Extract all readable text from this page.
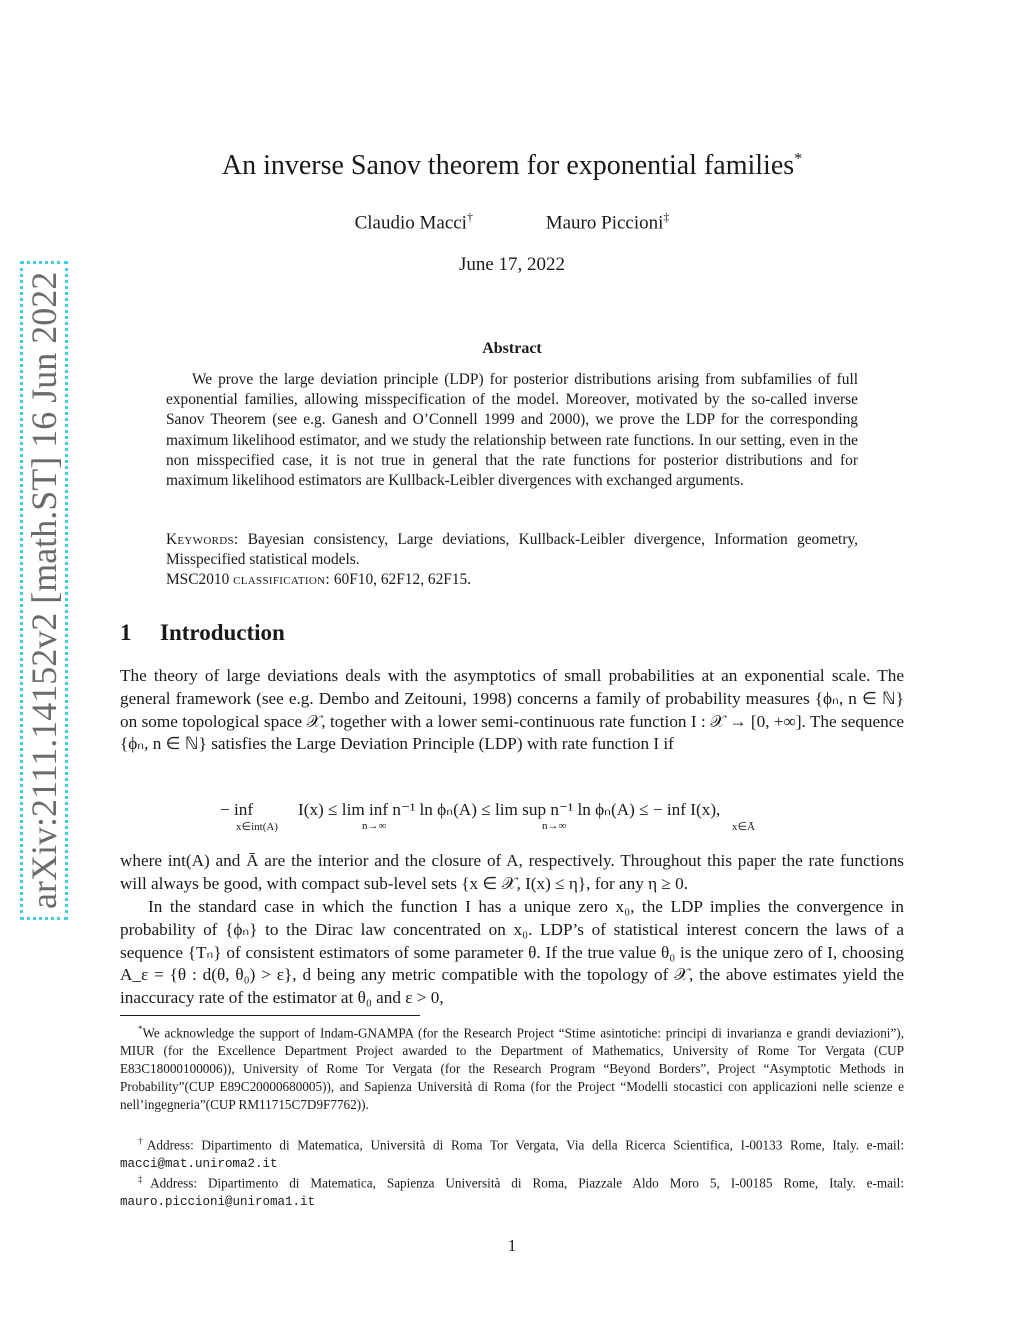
arXiv:2111.14152v2 [math.ST] 16 Jun 2022
An inverse Sanov theorem for exponential families*
Claudio Macci†	Mauro Piccioni‡
June 17, 2022
Abstract

We prove the large deviation principle (LDP) for posterior distributions arising from subfamilies of full exponential families, allowing misspecification of the model. Moreover, motivated by the so-called inverse Sanov Theorem (see e.g. Ganesh and O’Connell 1999 and 2000), we prove the LDP for the corresponding maximum likelihood estimator, and we study the relationship between rate functions. In our setting, even in the non misspecified case, it is not true in general that the rate functions for posterior distributions and for maximum likelihood estimators are Kullback-Leibler divergences with exchanged arguments.

Keywords: Bayesian consistency, Large deviations, Kullback-Leibler divergence, Information geometry, Misspecified statistical models.
MSC2010 classification: 60F10, 62F12, 62F15.

1 Introduction

The theory of large deviations deals with the asymptotics of small probabilities at an exponential scale. The general framework (see e.g. Dembo and Zeitouni, 1998) concerns a family of probability measures {ϕₙ, n ∈ ℕ} on some topological space 𝒳, together with a lower semi-continuous rate function I : 𝒳 → [0, +∞]. The sequence {ϕₙ, n ∈ ℕ} satisfies the Large Deviation Principle (LDP) with rate function I if

− inf
x∈int(A)
I(x) ≤ lim inf n⁻¹ ln ϕₙ(A) ≤ lim sup n⁻¹ ln ϕₙ(A) ≤ − inf I(x),
n→∞	n→∞	x∈Ā

where int(A) and Ā are the interior and the closure of A, respectively. Throughout this paper the rate functions will always be good, with compact sub-level sets {x ∈ 𝒳, I(x) ≤ η}, for any η ≥ 0.

In the standard case in which the function I has a unique zero x₀, the LDP implies the convergence in probability of {ϕₙ} to the Dirac law concentrated on x₀. LDP’s of statistical interest concern the laws of a sequence {Tₙ} of consistent estimators of some parameter θ. If the true value θ₀ is the unique zero of I, choosing A_ε = {θ : d(θ, θ₀) > ε}, d being any metric compatible with the topology of 𝒳, the above estimates yield the inaccuracy rate of the estimator at θ₀ and ε > 0,

*We acknowledge the support of Indam-GNAMPA (for the Research Project “Stime asintotiche: principi di invarianza e grandi deviazioni”), MIUR (for the Excellence Department Project awarded to the Department of Mathematics, University of Rome Tor Vergata (CUP E83C18000100006)), University of Rome Tor Vergata (for the Research Program “Beyond Borders”, Project “Asymptotic Methods in Probability”(CUP E89C20000680005)), and Sapienza Università di Roma (for the Project “Modelli stocastici con applicazioni nelle scienze e nell’ingegneria”(CUP RM11715C7D9F7762)).

†Address: Dipartimento di Matematica, Università di Roma Tor Vergata, Via della Ricerca Scientifica, I-00133 Rome, Italy. e-mail: macci@mat.uniroma2.it

‡Address: Dipartimento di Matematica, Sapienza Università di Roma, Piazzale Aldo Moro 5, I-00185 Rome, Italy. e-mail: mauro.piccioni@uniroma1.it

1
